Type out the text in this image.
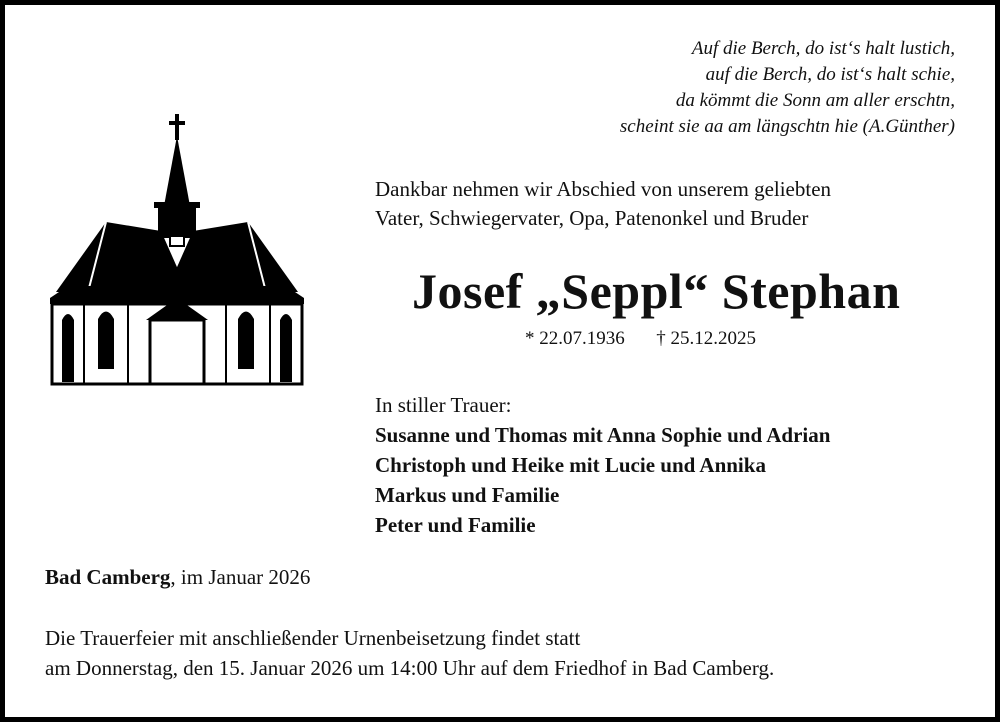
Auf die Berch, do ist‘s halt lustich,
auf die Berch, do ist‘s halt schie,
da kömmt die Sonn am aller erschtn,
scheint sie aa am längschtn hie (A.Günther)
Dankbar nehmen wir Abschied von unserem geliebten
Vater, Schwiegervater, Opa, Patenonkel und Bruder
Josef „Seppl“ Stephan
* 22.07.1936 † 25.12.2025
In stiller Trauer:
Susanne und Thomas mit Anna Sophie und Adrian
Christoph und Heike mit Lucie und Annika
Markus und Familie
Peter und Familie
Bad Camberg, im Januar 2026
Die Trauerfeier mit anschließender Urnenbeisetzung findet statt
am Donnerstag, den 15. Januar 2026 um 14:00 Uhr auf dem Friedhof in Bad Camberg.
